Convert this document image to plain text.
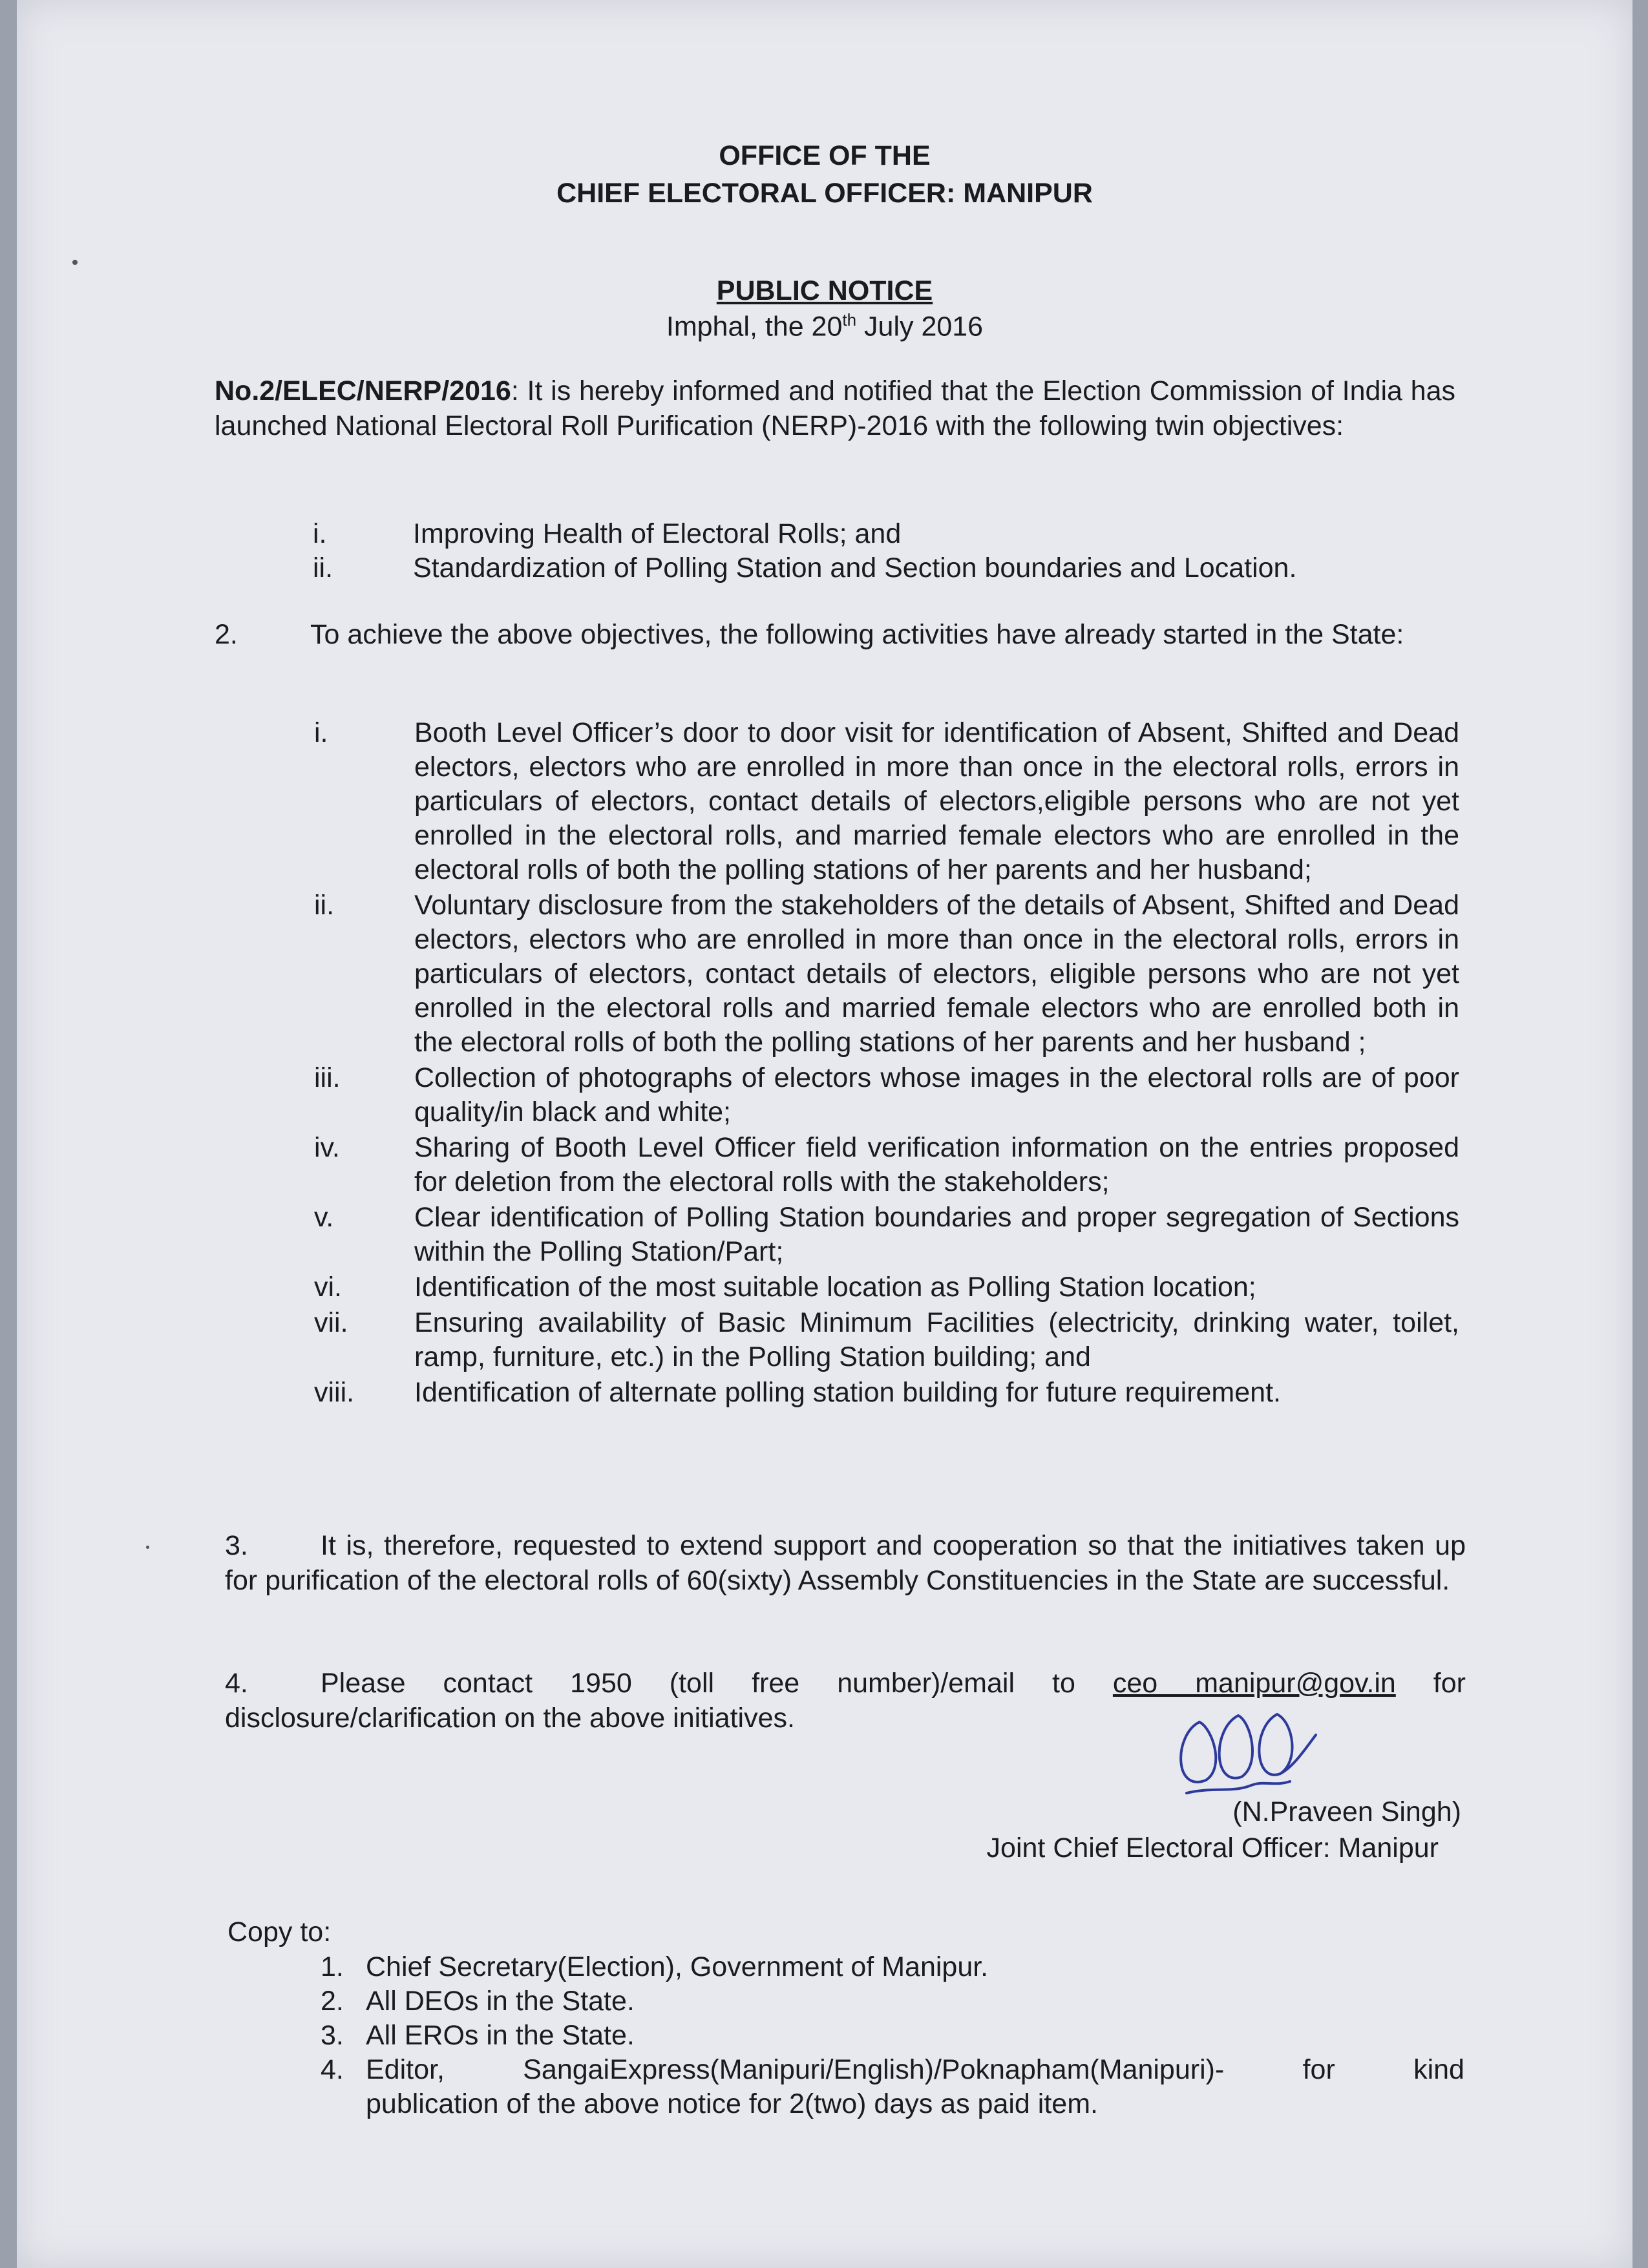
OFFICE OF THE
CHIEF ELECTORAL OFFICER: MANIPUR
PUBLIC NOTICE
Imphal, the 20th July 2016
No.2/ELEC/NERP/2016: It is hereby informed and notified that the Election Commission of India has launched National Electoral Roll Purification (NERP)-2016 with the following twin objectives:
i.	Improving Health of Electoral Rolls; and
ii.	Standardization of Polling Station and Section boundaries and Location.
2.	To achieve the above objectives, the following activities have already started in the State:
i.	Booth Level Officer’s door to door visit for identification of Absent, Shifted and Dead electors, electors who are enrolled in more than once in the electoral rolls, errors in particulars of electors, contact details of electors,eligible persons who are not yet enrolled in the electoral rolls, and married female electors who are enrolled in the electoral rolls of both the polling stations of her parents and her husband;
ii.	Voluntary disclosure from the stakeholders of the details of Absent, Shifted and Dead electors, electors who are enrolled in more than once in the electoral rolls, errors in particulars of electors, contact details of electors, eligible persons who are not yet enrolled in the electoral rolls and married female electors who are enrolled both in the electoral rolls of both the polling stations of her parents and her husband ;
iii.	Collection of photographs of electors whose images in the electoral rolls are of poor quality/in black and white;
iv.	Sharing of Booth Level Officer field verification information on the entries proposed for deletion from the electoral rolls with the stakeholders;
v.	Clear identification of Polling Station boundaries and proper segregation of Sections within the Polling Station/Part;
vi.	Identification of the most suitable location as Polling Station location;
vii.	Ensuring availability of Basic Minimum Facilities (electricity, drinking water, toilet, ramp, furniture, etc.) in the Polling Station building; and
viii.	Identification of alternate polling station building for future requirement.
3.	It is, therefore, requested to extend support and cooperation so that the initiatives taken up for purification of the electoral rolls of 60(sixty) Assembly Constituencies in the State are successful.
4.	Please contact 1950 (toll free number)/email to ceo manipur@gov.in for disclosure/clarification on the above initiatives.
(N.Praveen Singh)
Joint Chief Electoral Officer: Manipur
Copy to:
1. Chief Secretary(Election), Government of Manipur.
2. All DEOs in the State.
3. All EROs in the State.
4. Editor,	SangaiExpress(Manipuri/English)/Poknapham(Manipuri)-	for	kind
publication of the above notice for 2(two) days as paid item.
